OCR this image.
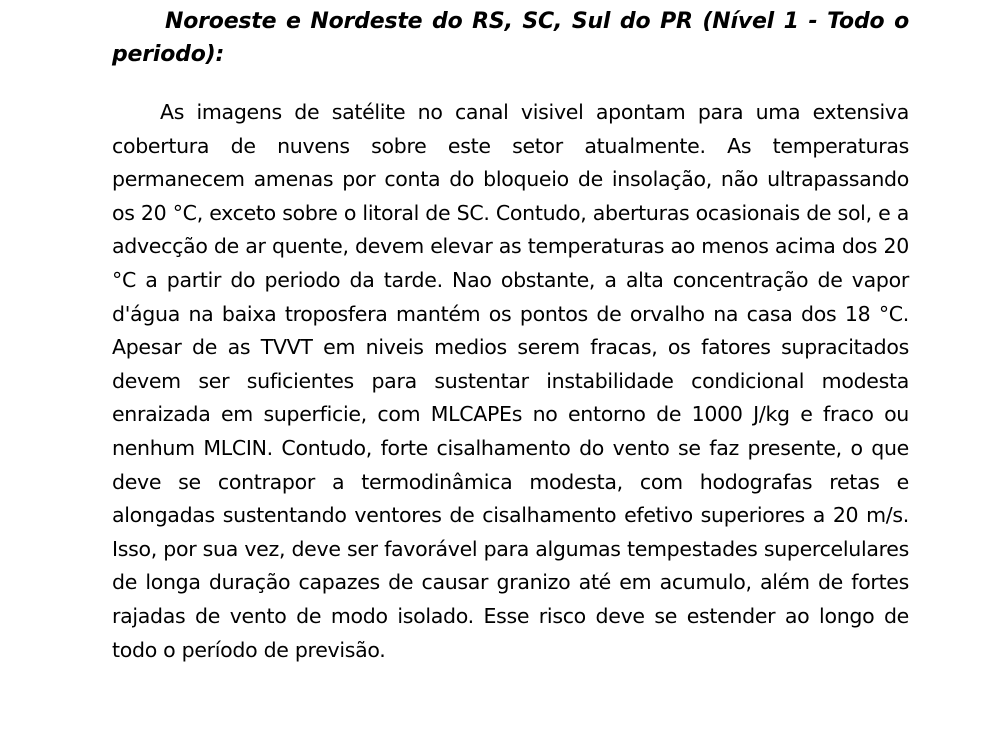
Noroeste e Nordeste do RS, SC, Sul do PR (Nível 1 - Todo o periodo):

As imagens de satélite no canal visivel apontam para uma extensiva cobertura de nuvens sobre este setor atualmente. As temperaturas permanecem amenas por conta do bloqueio de insolação, não ultrapassando os 20 °C, exceto sobre o litoral de SC. Contudo, aberturas ocasionais de sol, e a advecção de ar quente, devem elevar as temperaturas ao menos acima dos 20 °C a partir do periodo da tarde. Nao obstante, a alta concentração de vapor d'água na baixa troposfera mantém os pontos de orvalho na casa dos 18 °C. Apesar de as TVVT em niveis medios serem fracas, os fatores supracitados devem ser suficientes para sustentar instabilidade condicional modesta enraizada em superficie, com MLCAPEs no entorno de 1000 J/kg e fraco ou nenhum MLCIN. Contudo, forte cisalhamento do vento se faz presente, o que deve se contrapor a termodinâmica modesta, com hodografas retas e alongadas sustentando ventores de cisalhamento efetivo superiores a 20 m/s. Isso, por sua vez, deve ser favorável para algumas tempestades supercelulares de longa duração capazes de causar granizo até em acumulo, além de fortes rajadas de vento de modo isolado. Esse risco deve se estender ao longo de todo o período de previsão.
